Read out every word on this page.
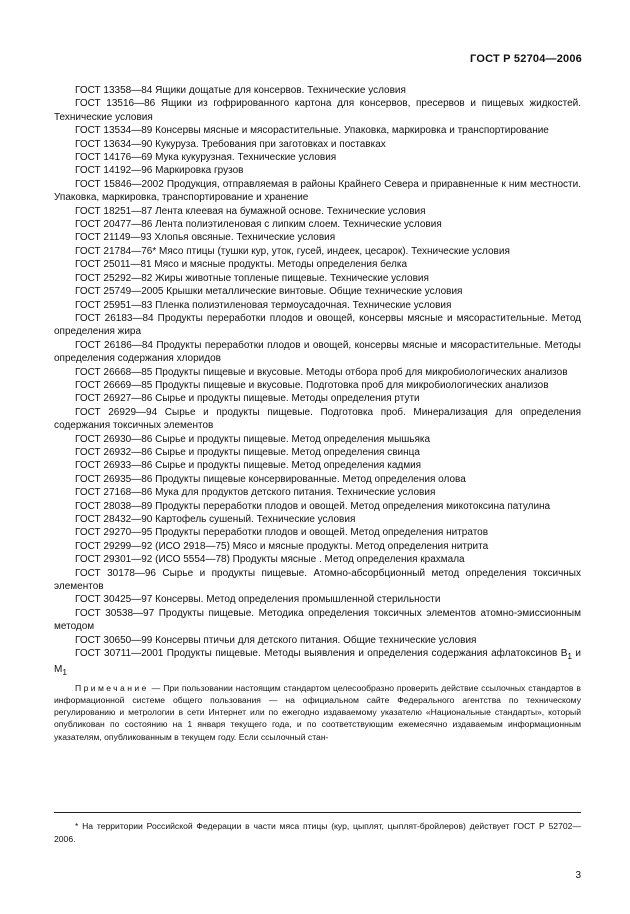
ГОСТ Р 52704—2006

ГОСТ 13358—84 Ящики дощатые для консервов. Технические условия

ГОСТ 13516—86 Ящики из гофрированного картона для консервов, пресервов и пищевых жидкостей. Технические условия

ГОСТ 13534—89 Консервы мясные и мясорастительные. Упаковка, маркировка и транспортирование

ГОСТ 13634—90 Кукуруза. Требования при заготовках и поставках

ГОСТ 14176—69 Мука кукурузная. Технические условия

ГОСТ 14192—96 Маркировка грузов

ГОСТ 15846—2002 Продукция, отправляемая в районы Крайнего Севера и приравненные к ним местности. Упаковка, маркировка, транспортирование и хранение

ГОСТ 18251—87 Лента клеевая на бумажной основе. Технические условия

ГОСТ 20477—86 Лента полиэтиленовая с липким слоем. Технические условия

ГОСТ 21149—93 Хлопья овсяные. Технические условия

ГОСТ 21784—76* Мясо птицы (тушки кур, уток, гусей, индеек, цесарок). Технические условия

ГОСТ 25011—81 Мясо и мясные продукты. Методы определения белка

ГОСТ 25292—82 Жиры животные топленые пищевые. Технические условия

ГОСТ 25749—2005 Крышки металлические винтовые. Общие технические условия

ГОСТ 25951—83 Пленка полиэтиленовая термоусадочная. Технические условия

ГОСТ 26183—84 Продукты переработки плодов и овощей, консервы мясные и мясорастительные. Метод определения жира

ГОСТ 26186—84 Продукты переработки плодов и овощей, консервы мясные и мясорастительные. Методы определения содержания хлоридов

ГОСТ 26668—85 Продукты пищевые и вкусовые. Методы отбора проб для микробиологических анализов

ГОСТ 26669—85 Продукты пищевые и вкусовые. Подготовка проб для микробиологических анализов

ГОСТ 26927—86 Сырье и продукты пищевые. Методы определения ртути

ГОСТ 26929—94 Сырье и продукты пищевые. Подготовка проб. Минерализация для определения содержания токсичных элементов

ГОСТ 26930—86 Сырье и продукты пищевые. Метод определения мышьяка

ГОСТ 26932—86 Сырье и продукты пищевые. Метод определения свинца

ГОСТ 26933—86 Сырье и продукты пищевые. Метод определения кадмия

ГОСТ 26935—86 Продукты пищевые консервированные. Метод определения олова

ГОСТ 27168—86 Мука для продуктов детского питания. Технические условия

ГОСТ 28038—89 Продукты переработки плодов и овощей. Метод определения микотоксина патулина

ГОСТ 28432—90 Картофель сушеный. Технические условия

ГОСТ 29270—95 Продукты переработки плодов и овощей. Метод определения нитратов

ГОСТ 29299—92 (ИСО 2918—75) Мясо и мясные продукты. Метод определения нитрита

ГОСТ 29301—92 (ИСО 5554—78) Продукты мясные . Метод определения крахмала

ГОСТ 30178—96 Сырье и продукты пищевые. Атомно-абсорбционный метод определения токсичных элементов

ГОСТ 30425—97 Консервы. Метод определения промышленной стерильности

ГОСТ 30538—97 Продукты пищевые. Методика определения токсичных элементов атомно-эмиссионным методом

ГОСТ 30650—99 Консервы птичьи для детского питания. Общие технические условия

ГОСТ 30711—2001 Продукты пищевые. Методы выявления и определения содержания афлатоксинов $В_1$ и $М_1$

Примечание — При пользовании настоящим стандартом целесообразно проверить действие ссылочных стандартов в информационной системе общего пользования — на официальном сайте Федерального агентства по техническому регулированию и метрологии в сети Интернет или по ежегодно издаваемому указателю «Национальные стандарты», который опубликован по состоянию на 1 января текущего года, и по соответствующим ежемесячно издаваемым информационным указателям, опубликованным в текущем году. Если ссылочный стан-

* На территории Российской Федерации в части мяса птицы (кур, цыплят, цыплят-бройлеров) действует ГОСТ Р 52702—2006.
3
